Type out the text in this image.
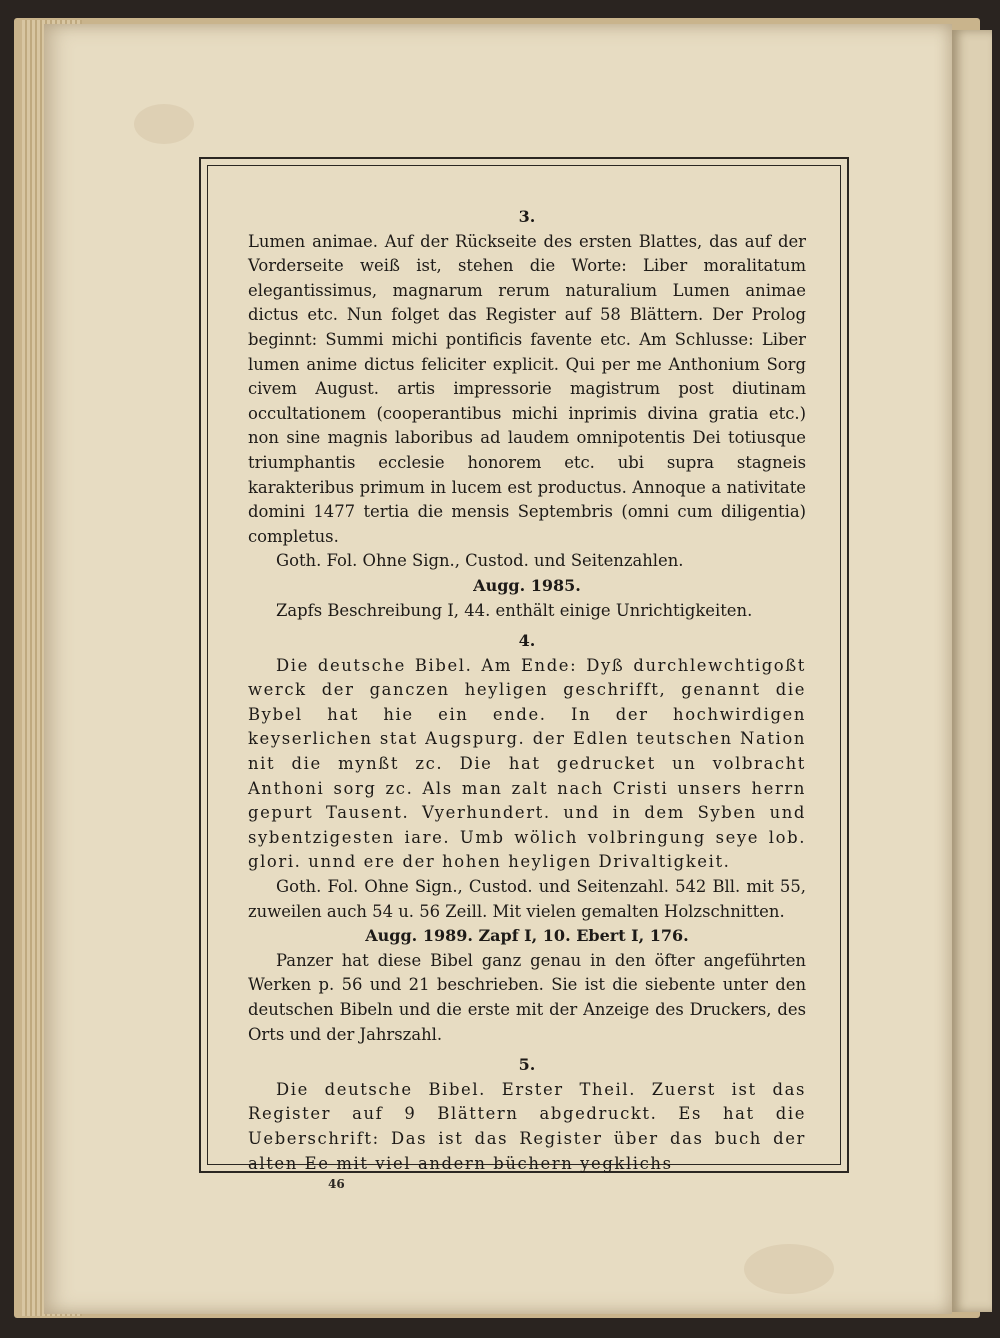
3.

Lumen animae. Auf der Rückseite des ersten Blattes, das auf der Vorderseite weiß ist, stehen die Worte: Liber moralitatum elegantissimus, magnarum rerum naturalium Lumen animae dictus etc. Nun folget das Register auf 58 Blättern. Der Prolog beginnt: Summi michi pontificis favente etc. Am Schlusse: Liber lumen anime dictus feliciter explicit. Qui per me Anthonium Sorg civem August. artis impressorie magistrum post diutinam occultationem (cooperantibus michi inprimis divina gratia etc.) non sine magnis laboribus ad laudem omnipotentis Dei totiusque triumphantis ecclesie honorem etc. ubi supra stagneis karakteribus primum in lucem est productus. Annoque a nativitate domini 1477 tertia die mensis Septembris (omni cum diligentia) completus.

Goth. Fol. Ohne Sign., Custod. und Seitenzahlen.

Augg. 1985.

Zapfs Beschreibung I, 44. enthält einige Unrichtigkeiten.

4.

Die deutsche Bibel. Am Ende: Dyß durchlewchtigoßt werck der ganczen heyligen geschrifft, genannt die Bybel hat hie ein ende. In der hochwirdigen keyserlichen stat Augspurg. der Edlen teutschen Nation nit die mynßt zc. Die hat gedrucket un volbracht Anthoni sorg zc. Als man zalt nach Cristi unsers herrn gepurt Tausent. Vyerhundert. und in dem Syben und sybentzigesten iare. Umb wölich volbringung seye lob. glori. unnd ere der hohen heyligen Drivaltigkeit.

Goth. Fol. Ohne Sign., Custod. und Seitenzahl. 542 Bll. mit 55, zuweilen auch 54 u. 56 Zeill. Mit vielen gemalten Holzschnitten.

Augg. 1989. Zapf I, 10. Ebert I, 176.

Panzer hat diese Bibel ganz genau in den öfter angeführten Werken p. 56 und 21 beschrieben. Sie ist die siebente unter den deutschen Bibeln und die erste mit der Anzeige des Druckers, des Orts und der Jahrszahl.

5.

Die deutsche Bibel. Erster Theil. Zuerst ist das Register auf 9 Blättern abgedruckt. Es hat die Ueberschrift: Das ist das Register über das buch der alten Ee mit viel andern büchern yegklichs

46
